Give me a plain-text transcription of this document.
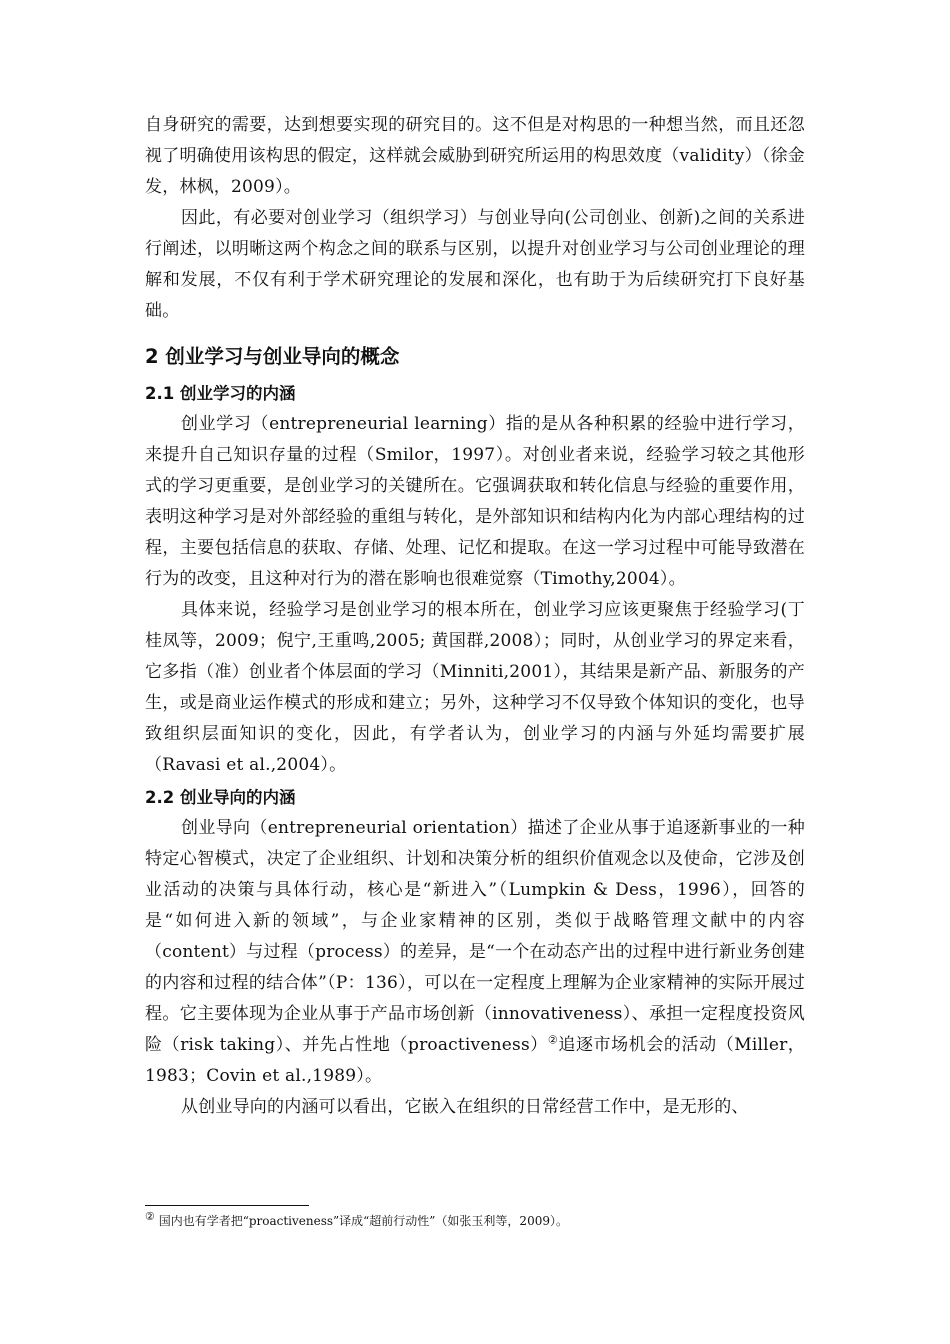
自身研究的需要，达到想要实现的研究目的。这不但是对构思的一种想当然，而且还忽视了明确使用该构思的假定，这样就会威胁到研究所运用的构思效度（validity）（徐金发，林枫，2009）。

因此，有必要对创业学习（组织学习）与创业导向(公司创业、创新)之间的关系进行阐述，以明晰这两个构念之间的联系与区别，以提升对创业学习与公司创业理论的理解和发展，不仅有利于学术研究理论的发展和深化，也有助于为后续研究打下良好基础。

2 创业学习与创业导向的概念
2.1 创业学习的内涵

创业学习（entrepreneurial learning）指的是从各种积累的经验中进行学习，来提升自己知识存量的过程（Smilor，1997）。对创业者来说，经验学习较之其他形式的学习更重要，是创业学习的关键所在。它强调获取和转化信息与经验的重要作用，表明这种学习是对外部经验的重组与转化，是外部知识和结构内化为内部心理结构的过程，主要包括信息的获取、存储、处理、记忆和提取。在这一学习过程中可能导致潜在行为的改变，且这种对行为的潜在影响也很难觉察（Timothy,2004）。

具体来说，经验学习是创业学习的根本所在，创业学习应该更聚焦于经验学习(丁桂凤等，2009；倪宁,王重鸣,2005; 黄国群,2008）；同时，从创业学习的界定来看，它多指（准）创业者个体层面的学习（Minniti,2001），其结果是新产品、新服务的产生，或是商业运作模式的形成和建立；另外，这种学习不仅导致个体知识的变化，也导致组织层面知识的变化，因此，有学者认为，创业学习的内涵与外延均需要扩展（Ravasi et al.,2004）。

2.2 创业导向的内涵

创业导向（entrepreneurial orientation）描述了企业从事于追逐新事业的一种特定心智模式，决定了企业组织、计划和决策分析的组织价值观念以及使命，它涉及创业活动的决策与具体行动，核心是“新进入”（Lumpkin & Dess，1996），回答的是“如何进入新的领域”，与企业家精神的区别，类似于战略管理文献中的内容（content）与过程（process）的差异，是“一个在动态产出的过程中进行新业务创建的内容和过程的结合体”（P：136），可以在一定程度上理解为企业家精神的实际开展过程。它主要体现为企业从事于产品市场创新（innovativeness）、承担一定程度投资风险（risk taking）、并先占性地（proactiveness）②追逐市场机会的活动（Miller，1983；Covin et al.,1989）。

从创业导向的内涵可以看出，它嵌入在组织的日常经营工作中，是无形的、

② 国内也有学者把“proactiveness”译成“超前行动性”（如张玉利等，2009）。
